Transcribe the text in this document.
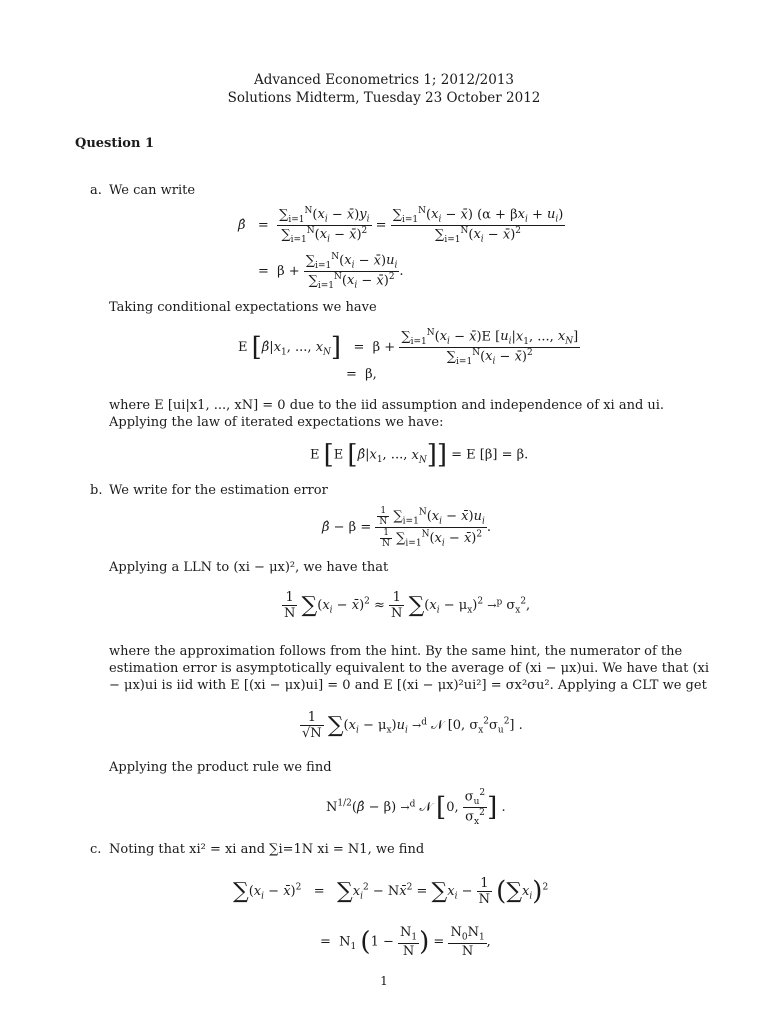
Advanced Econometrics 1; 2012/2013
Solutions Midterm, Tuesday 23 October 2012
Question 1
a. We can write
β̂   = $\frac{\sum_{i=1}^N(x_i - x̄)y_i}{\sum_{i=1}^N(x_i - x̄)^2} = \frac{\sum_{i=1}^N(x_i - x̄) (\alpha + \beta x_i + u_i)}{\sum_{i=1}^N(x_i - x̄)^2}$
=  $\beta + \frac{\sum_{i=1}^N(x_i - x̄)u_i}{\sum_{i=1}^N(x_i - x̄)^2}$ .
Taking conditional expectations we have
E [$\betâ|x_1$, ..., $x_N] = \beta + \frac{\sum_{i=1}^N(x_i - x̄)E [u_i|x_1, ..., x_N]}{\sum_{i=1}^N(x_i - x̄)^2}$
=  β,
where E [ui|x1, ..., xN] = 0 due to the iid assumption and independence of xi and ui. Applying the law of iterated expectations we have:
E [E [$\betâ|x_1$, ..., $x_N]] = E$ [β] = β.
b. We write for the estimation error
β̂ − $\beta = \frac{\frac{1}{N} \sum_{i=1}^N(x_i - x̄)u_i}{\frac{1}{N} \sum_{i=1}^N(x_i - x̄)^2}$ .
Applying a LLN to (xi − μx)², we have that
$\frac{1}{N} \sum(x_i$ − x̄)$^2$ ≈ $\frac{1}{N} \sum(x_i - \mu_x)^2 \to^p$ $\sigma_x^2$,
where the approximation follows from the hint. By the same hint, the numerator of the estimation error is asymptotically equivalent to the average of (xi − μx)ui. We have that (xi − μx)ui is iid with E [(xi − μx)ui] = 0 and E [(xi − μx)²ui²] = σx²σu². Applying a CLT we get
$\frac{1}{√N} \sum(x_i - \mu_x)u_i \to^d$ 𝒩 [0, $\sigma_x^2\sigma_u^2$] .
Applying the product rule we find
$N^{1/2}(\betâ - \beta) \to^d$ 𝒩 [0, $\frac{\sigma_u^2}{\sigma_x^2}$ ] .
c. Noting that xi² = xi and ∑i=1N xi = N1, we find
$\sum(x_i$ − x̄)$^2$   =   $\sum x_i^2$ − Nx̄$^2$ = $\sum x_i - \frac{1}{N} (\sum x_i)^2$
=  $N_1$ ($1 - \frac{N_1}{N}$ ) = $\frac{N_0N_1}{N}$ ,
1
